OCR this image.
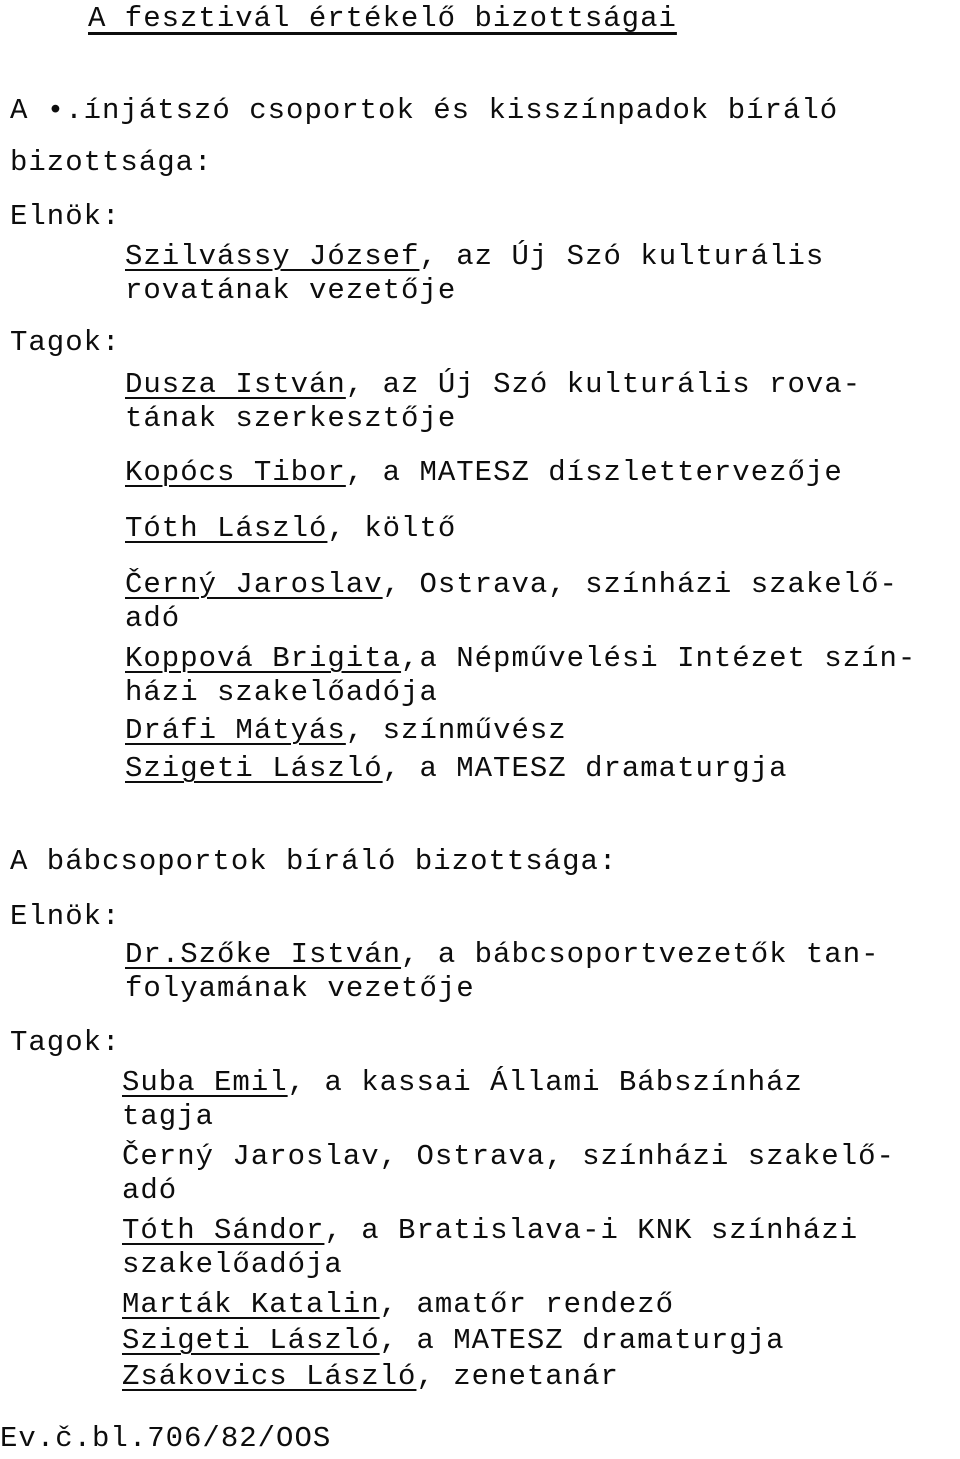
A fesztivál értékelő bizottságai
A •.ínjátszó csoportok és kisszínpadok bíráló
bizottsága:
Elnök:
Szilvássy József, az Új Szó kulturális
rovatának vezetője
Tagok:
Dusza István, az Új Szó kulturális rova-
tának szerkesztője
Kopócs Tibor, a MATESZ díszlettervezője
Tóth László, költő
Černý Jaroslav, Ostrava, színházi szakelő-
adó
Koppová Brigita,a Népművelési Intézet szín-
házi szakelőadója
Dráfi Mátyás, színművész
Szigeti László, a MATESZ dramaturgja
A bábcsoportok bíráló bizottsága:
Elnök:
Dr.Szőke István, a bábcsoportvezetők tan-
folyamának vezetője
Tagok:
Suba Emil, a kassai Állami Bábszínház
tagja
Černý Jaroslav, Ostrava, színházi szakelő-
adó
Tóth Sándor, a Bratislava-i KNK színházi
szakelőadója
Marták Katalin, amatőr rendező
Szigeti László, a MATESZ dramaturgja
Zsákovics László, zenetanár
Ev.č.bl.706/82/OOS
